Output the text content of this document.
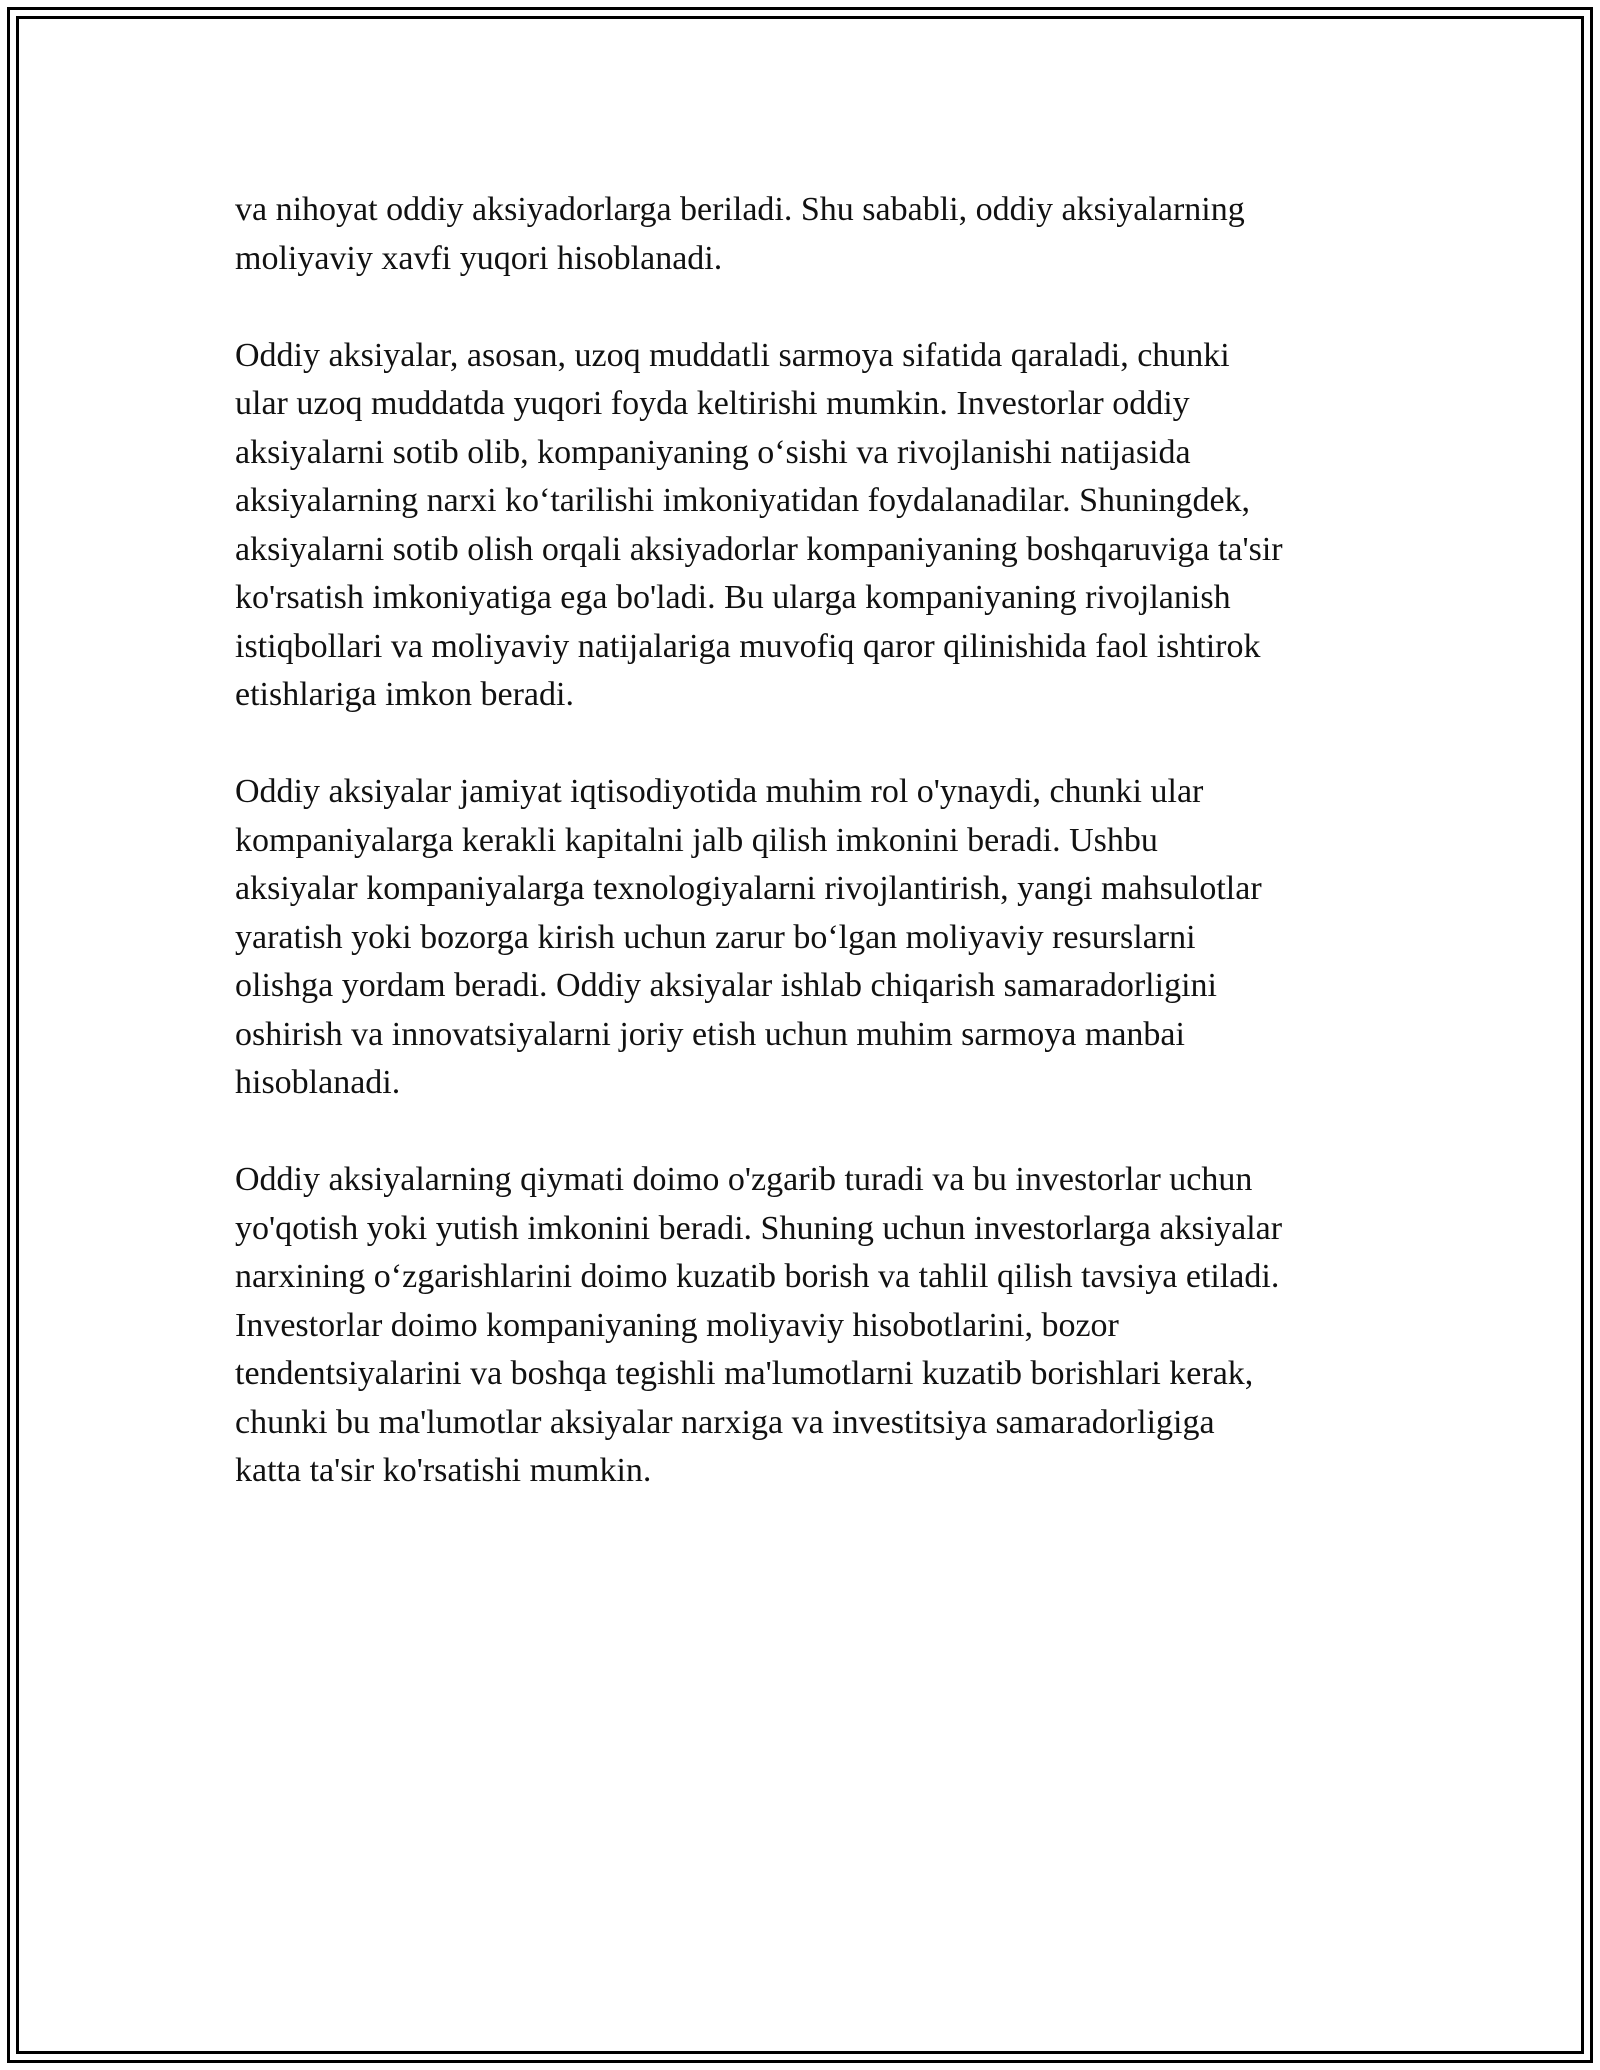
va nihoyat oddiy aksiyadorlarga beriladi. Shu sababli, oddiy aksiyalarning
moliyaviy xavfi yuqori hisoblanadi.

Oddiy aksiyalar, asosan, uzoq muddatli sarmoya sifatida qaraladi, chunki
ular uzoq muddatda yuqori foyda keltirishi mumkin. Investorlar oddiy
aksiyalarni sotib olib, kompaniyaning oʻsishi va rivojlanishi natijasida
aksiyalarning narxi koʻtarilishi imkoniyatidan foydalanadilar. Shuningdek,
aksiyalarni sotib olish orqali aksiyadorlar kompaniyaning boshqaruviga ta'sir
ko'rsatish imkoniyatiga ega bo'ladi. Bu ularga kompaniyaning rivojlanish
istiqbollari va moliyaviy natijalariga muvofiq qaror qilinishida faol ishtirok
etishlariga imkon beradi.

Oddiy aksiyalar jamiyat iqtisodiyotida muhim rol o'ynaydi, chunki ular
kompaniyalarga kerakli kapitalni jalb qilish imkonini beradi. Ushbu
aksiyalar kompaniyalarga texnologiyalarni rivojlantirish, yangi mahsulotlar
yaratish yoki bozorga kirish uchun zarur boʻlgan moliyaviy resurslarni
olishga yordam beradi. Oddiy aksiyalar ishlab chiqarish samaradorligini
oshirish va innovatsiyalarni joriy etish uchun muhim sarmoya manbai
hisoblanadi.

Oddiy aksiyalarning qiymati doimo o'zgarib turadi va bu investorlar uchun
yo'qotish yoki yutish imkonini beradi. Shuning uchun investorlarga aksiyalar
narxining oʻzgarishlarini doimo kuzatib borish va tahlil qilish tavsiya etiladi.
Investorlar doimo kompaniyaning moliyaviy hisobotlarini, bozor
tendentsiyalarini va boshqa tegishli ma'lumotlarni kuzatib borishlari kerak,
chunki bu ma'lumotlar aksiyalar narxiga va investitsiya samaradorligiga
katta ta'sir ko'rsatishi mumkin.
